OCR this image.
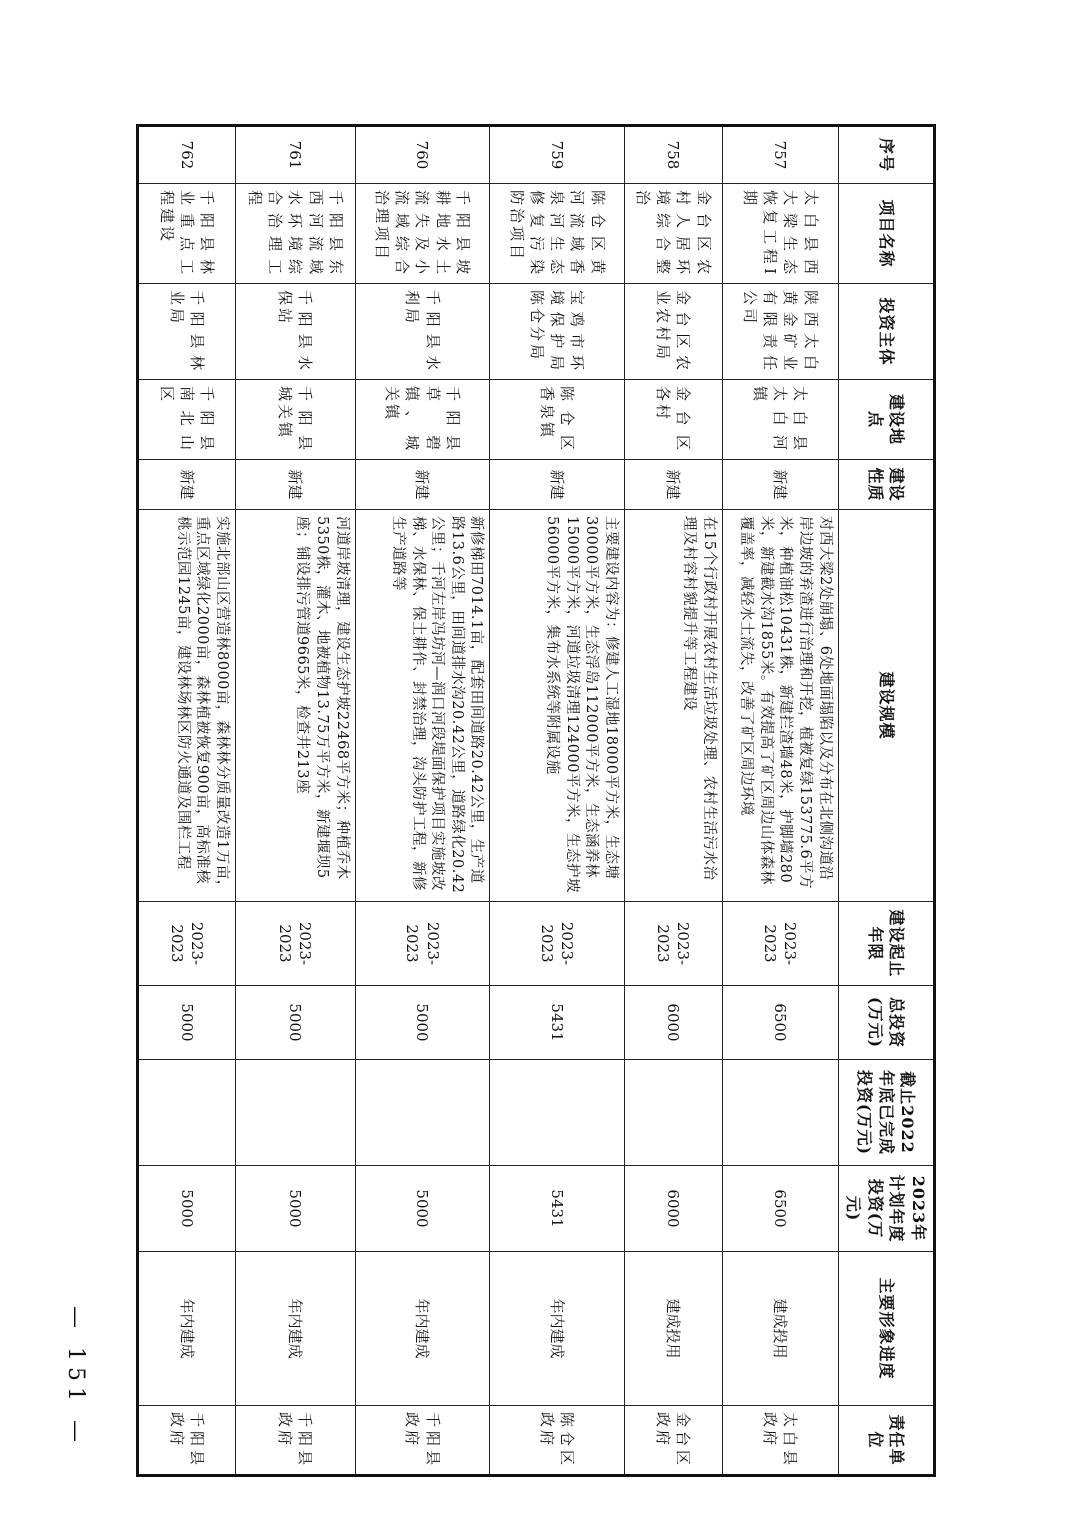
序号	项目名称	投资主体	建设地点	建设性质	建设规模	建设起止年限	总投资(万元)	截止2022年底已完成投资(万元)	2023年计划年度投资(万元)	主要形象进度	责任单位
757	太白县西大梁生态恢复工程I期	陕西太白黄金矿业有限责任公司	太白县太白河镇	新建	对西大梁2处崩塌、6处地面塌陷以及分布在北侧沟道沿岸边坡的弃渣进行治理和开挖，植被复绿153775.6平方米，种植油松10431株，新建拦渣墙48米，护脚墙280米，新建截水沟1855米。有效提高了矿区周边山体森林覆盖率，减轻水土流失，改善了矿区周边环境	2023-2023	6500		6500	建成投用	太白县政府
758	金台区农村人居环境综合整治	金台区农业农村局	金台区各村	新建	在15个行政村开展农村生活垃圾处理、农村生活污水治理及村容村貌提升等工程建设	2023-2023	6000		6000	建成投用	金台区政府
759	陈仓区黄河流域香泉河生态修复污染防治项目	宝鸡市环境保护局陈仓分局	陈仓区香泉镇	新建	主要建设内容为：修建人工湿地18000平方米，生态塘30000平方米，生态浮岛112000平方米，生态涵养林15000平方米，河道垃圾清理124000平方米，生态护坡56000平方米，集布水系统等附属设施	2023-2023	5431		5431	年内建成	陈仓区政府
760	千阳县坡耕地水土流失及小流域综合治理项目	千阳县水利局	千阳县草碧镇、城关镇	新建	新修梯田7014.1亩，配套田间道路20.42公里，生产道路13.6公里，田间道排水沟20.42公里，道路绿化20.42公里；千河左岸冯坊河—润口河段堤面保护项目实施坡改梯、水保林、保土耕作、封禁治理，沟头防护工程，新修生产道路等	2023-2023	5000		5000	年内建成	千阳县政府
761	千阳县东西河流域水环境综合治理工程	千阳县水保站	千阳县城关镇	新建	河道岸坡清理，建设生态护坡22468平方米；种植乔木5350株，灌木、地被植物13.75万平方米，新建堰坝5座；铺设排污管道9665米，检查井213座	2023-2023	5000		5000	年内建成	千阳县政府
762	千阳县林业重点工程建设	千阳县林业局	千阳县南北山区	新建	实施北部山区营造林8000亩，森林林分质量改造1万亩，重点区域绿化2000亩，森林植被恢复900亩，高标准核桃示范园1245亩，建设林场林区防火通道及围栏工程	2023-2023	5000		5000	年内建成	千阳县政府
— 151 —
